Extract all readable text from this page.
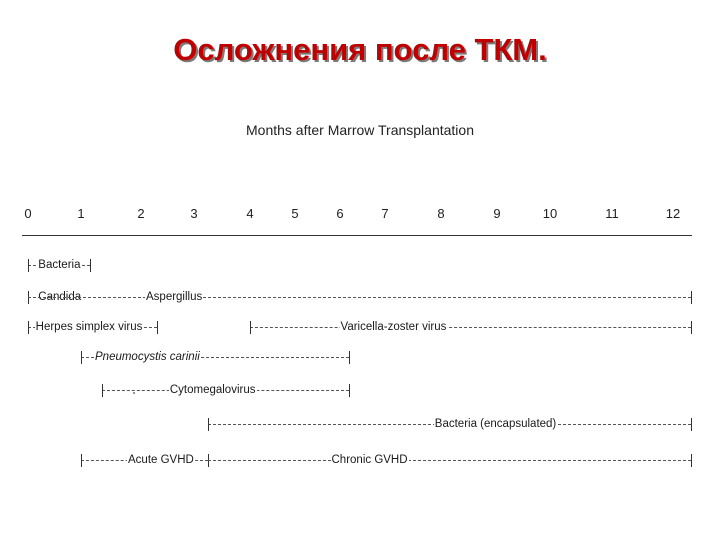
Осложнения после ТКМ.
Months after Marrow Transplantation
0	1	2	3	4	5	6	7	8	9	10	11	12
Bacteria
Candida	Aspergillus
Herpes simplex virus	Varicella-zoster virus
Pneumocystis carinii
Cytomegalovirus
Bacteria (encapsulated)
Acute GVHD	Chronic GVHD
